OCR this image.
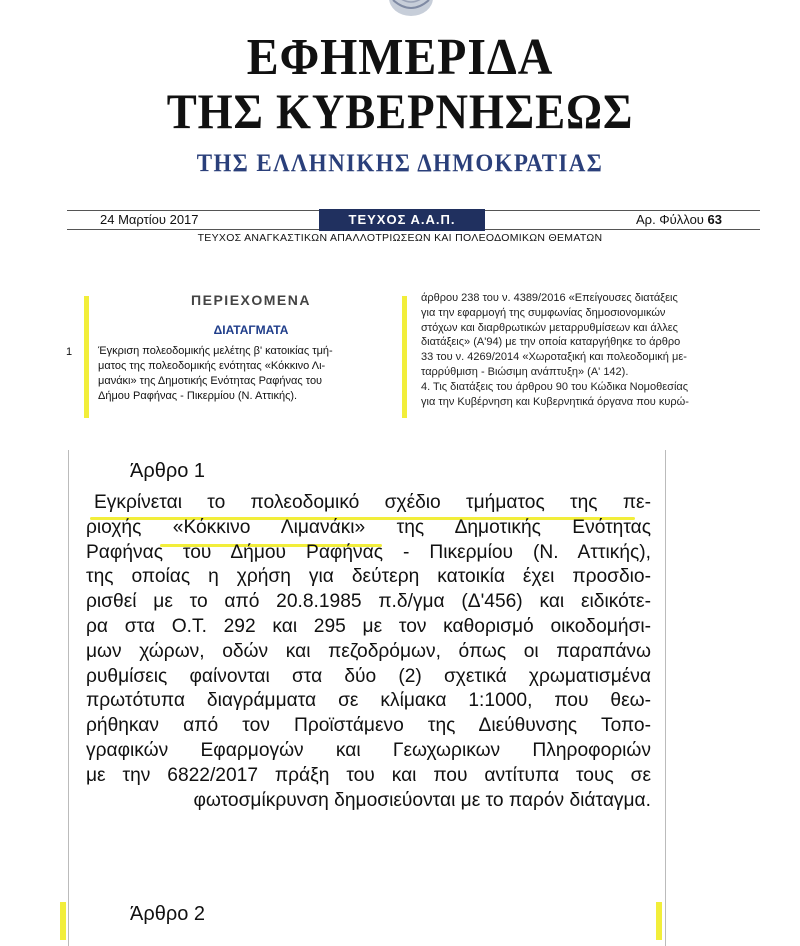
ΕΦΗΜΕΡΙΔΑ
ΤΗΣ ΚΥΒΕΡΝΗΣΕΩΣ
ΤΗΣ ΕΛΛΗΝΙΚΗΣ ΔΗΜΟΚΡΑΤΙΑΣ
24 Μαρτίου 2017	ΤΕΥΧΟΣ Α.Α.Π.	Αρ. Φύλλου 63
ΤΕΥΧΟΣ ΑΝΑΓΚΑΣΤΙΚΩΝ ΑΠΑΛΛΟΤΡΙΩΣΕΩΝ ΚΑΙ ΠΟΛΕΟΔΟΜΙΚΩΝ ΘΕΜΑΤΩΝ
ΠΕΡΙΕΧΟΜΕΝΑ
ΔΙΑΤΑΓΜΑΤΑ
1 Έγκριση πολεοδομικής μελέτης β' κατοικίας τμή-
ματος της πολεοδομικής ενότητας «Κόκκινο Λι-
μανάκι» της Δημοτικής Ενότητας Ραφήνας του
Δήμου Ραφήνας - Πικερμίου (Ν. Αττικής).
άρθρου 238 του ν. 4389/2016 «Επείγουσες διατάξεις
για την εφαρμογή της συμφωνίας δημοσιονομικών
στόχων και διαρθρωτικών μεταρρυθμίσεων και άλλες
διατάξεις» (Α'94) με την οποία καταργήθηκε το άρθρο
33 του ν. 4269/2014 «Χωροταξική και πολεοδομική με-
ταρρύθμιση - Βιώσιμη ανάπτυξη» (Α' 142).
4. Τις διατάξεις του άρθρου 90 του Κώδικα Νομοθεσίας
για την Κυβέρνηση και Κυβερνητικά όργανα που κυρώ-
Άρθρο 1
Εγκρίνεται το πολεοδομικό σχέδιο τμήματος της πε-
ριοχής «Κόκκινο Λιμανάκι» της Δημοτικής Ενότητας
Ραφήνας του Δήμου Ραφήνας - Πικερμίου (Ν. Αττικής),
της οποίας η χρήση για δεύτερη κατοικία έχει προσδιο-
ρισθεί με το από 20.8.1985 π.δ/γμα (Δ'456) και ειδικότε-
ρα στα Ο.Τ. 292 και 295 με τον καθορισμό οικοδομήσι-
μων χώρων, οδών και πεζοδρόμων, όπως οι παραπάνω
ρυθμίσεις φαίνονται στα δύο (2) σχετικά χρωματισμένα
πρωτότυπα διαγράμματα σε κλίμακα 1:1000, που θεω-
ρήθηκαν από τον Προϊστάμενο της Διεύθυνσης Τοπο-
γραφικών Εφαρμογών και Γεωχωρικων Πληροφοριών
με την 6822/2017 πράξη του και που αντίτυπα τους σε
φωτοσμίκρυνση δημοσιεύονται με το παρόν διάταγμα.
Άρθρο 2
